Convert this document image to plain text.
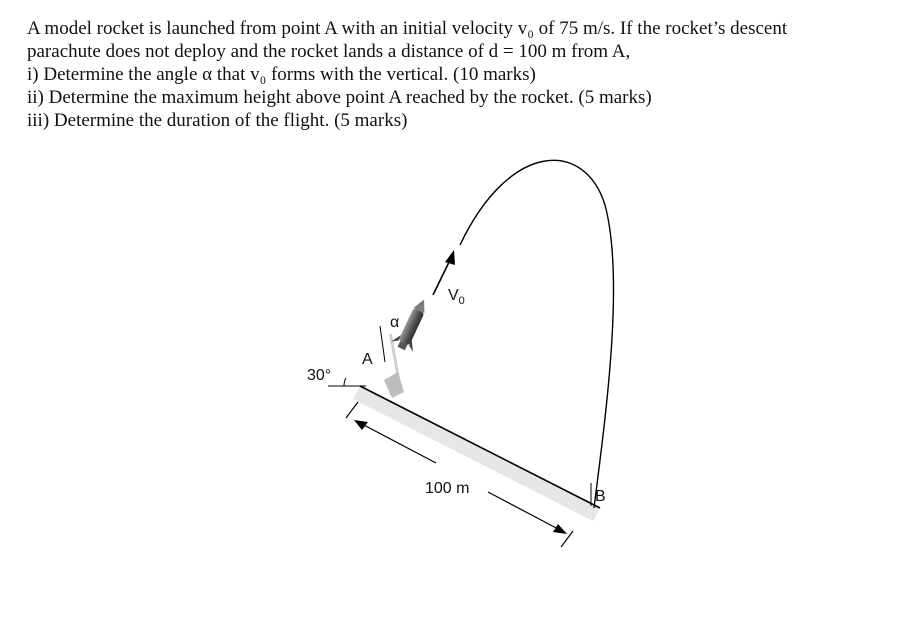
A model rocket is launched from point A with an initial velocity v₀ of 75 m/s. If the rocket’s descent

parachute does not deploy and the rocket lands a distance of d = 100 m from A,

i) Determine the angle α that v₀ forms with the vertical. (10 marks)

ii) Determine the maximum height above point A reached by the rocket. (5 marks)

iii) Determine the duration of the flight. (5 marks)

30°
α
A
$V_0$
B
100 m
